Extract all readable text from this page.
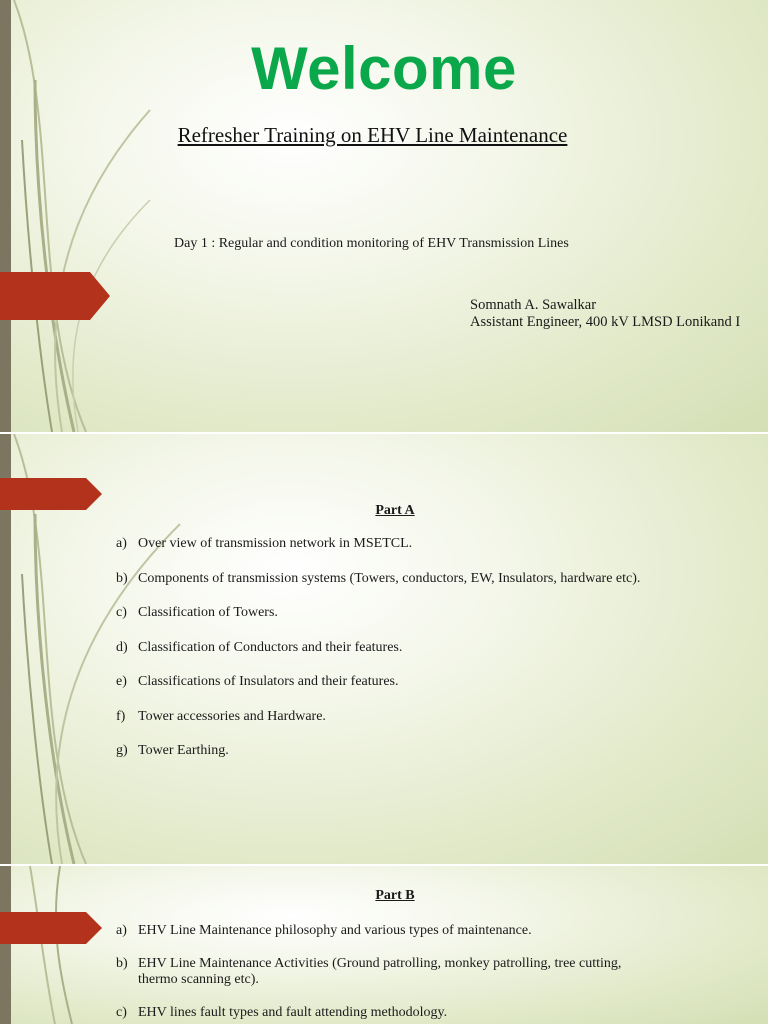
Welcome
Refresher Training on EHV Line Maintenance

Day 1 : Regular and condition monitoring of EHV Transmission Lines

Somnath A. Sawalkar
Assistant Engineer, 400 kV LMSD Lonikand I
Part A
a) Over view of transmission network in MSETCL.
b) Components of transmission systems (Towers, conductors, EW, Insulators, hardware etc).
c) Classification of Towers.
d) Classification of Conductors and their features.
e) Classifications of Insulators and their features.
f) Tower accessories and Hardware.
g) Tower Earthing.
Part B
a) EHV Line Maintenance philosophy and various types of maintenance.
b) EHV Line Maintenance Activities (Ground patrolling, monkey patrolling, tree cutting, thermo scanning etc).
c) EHV lines fault types and fault attending methodology.
